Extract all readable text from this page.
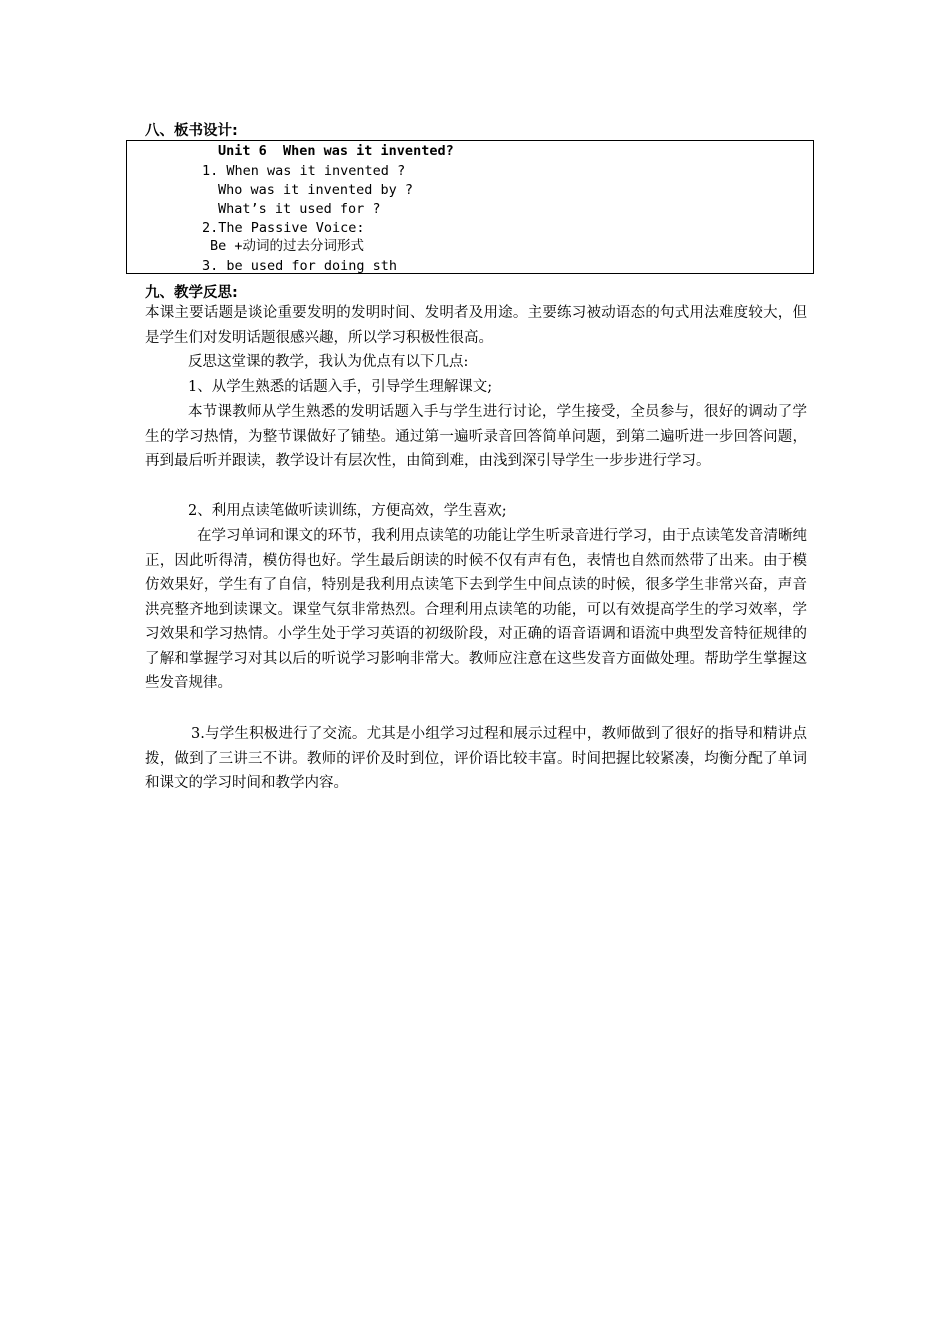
八、板书设计:
Unit 6  When was it invented?
1. When was it invented ?
Who was it invented by ?
What’s it used for ?
2.The Passive Voice:
Be +动词的过去分词形式
3. be used for doing sth
九、教学反思:
本课主要话题是谈论重要发明的发明时间、发明者及用途。主要练习被动语态的句式用法难度较大，但是学生们对发明话题很感兴趣，所以学习积极性很高。
反思这堂课的教学，我认为优点有以下几点:
1、从学生熟悉的话题入手，引导学生理解课文;
本节课教师从学生熟悉的发明话题入手与学生进行讨论，学生接受，全员参与，很好的调动了学生的学习热情，为整节课做好了铺垫。通过第一遍听录音回答简单问题，到第二遍听进一步回答问题，再到最后听并跟读，教学设计有层次性，由简到难，由浅到深引导学生一步步进行学习。
2、利用点读笔做听读训练，方便高效，学生喜欢;
在学习单词和课文的环节，我利用点读笔的功能让学生听录音进行学习，由于点读笔发音清晰纯正，因此听得清，模仿得也好。学生最后朗读的时候不仅有声有色，表情也自然而然带了出来。由于模仿效果好，学生有了自信，特别是我利用点读笔下去到学生中间点读的时候，很多学生非常兴奋，声音洪亮整齐地到读课文。课堂气氛非常热烈。合理利用点读笔的功能，可以有效提高学生的学习效率，学习效果和学习热情。小学生处于学习英语的初级阶段，对正确的语音语调和语流中典型发音特征规律的了解和掌握学习对其以后的听说学习影响非常大。教师应注意在这些发音方面做处理。帮助学生掌握这些发音规律。
3.与学生积极进行了交流。尤其是小组学习过程和展示过程中，教师做到了很好的指导和精讲点拨，做到了三讲三不讲。教师的评价及时到位，评价语比较丰富。时间把握比较紧凑，均衡分配了单词和课文的学习时间和教学内容。
